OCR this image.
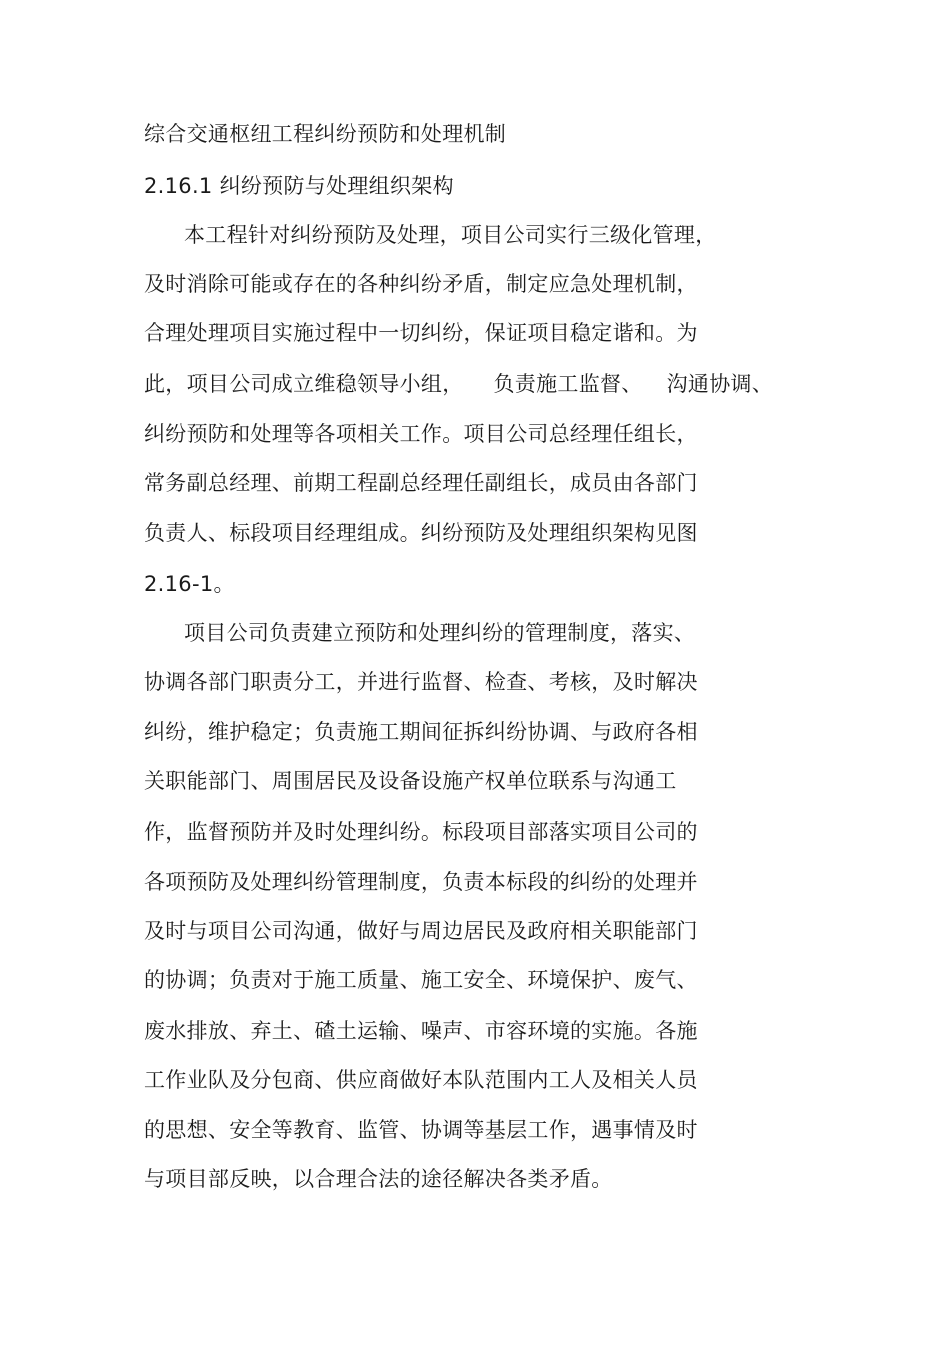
综合交通枢纽工程纠纷预防和处理机制
2.16.1 纠纷预防与处理组织架构
本工程针对纠纷预防及处理，项目公司实行三级化管理，
及时消除可能或存在的各种纠纷矛盾，制定应急处理机制，
合理处理项目实施过程中一切纠纷，保证项目稳定谐和。为
此，项目公司成立维稳领导小组， 负责施工监督、 沟通协调、
纠纷预防和处理等各项相关工作。项目公司总经理任组长，
常务副总经理、前期工程副总经理任副组长，成员由各部门
负责人、标段项目经理组成。纠纷预防及处理组织架构见图
2.16-1。
项目公司负责建立预防和处理纠纷的管理制度，落实、
协调各部门职责分工，并进行监督、检查、考核，及时解决
纠纷，维护稳定；负责施工期间征拆纠纷协调、与政府各相
关职能部门、周围居民及设备设施产权单位联系与沟通工
作，监督预防并及时处理纠纷。标段项目部落实项目公司的
各项预防及处理纠纷管理制度，负责本标段的纠纷的处理并
及时与项目公司沟通，做好与周边居民及政府相关职能部门
的协调；负责对于施工质量、施工安全、环境保护、废气、
废水排放、弃土、碴土运输、噪声、市容环境的实施。各施
工作业队及分包商、供应商做好本队范围内工人及相关人员
的思想、安全等教育、监管、协调等基层工作，遇事情及时
与项目部反映，以合理合法的途径解决各类矛盾。
